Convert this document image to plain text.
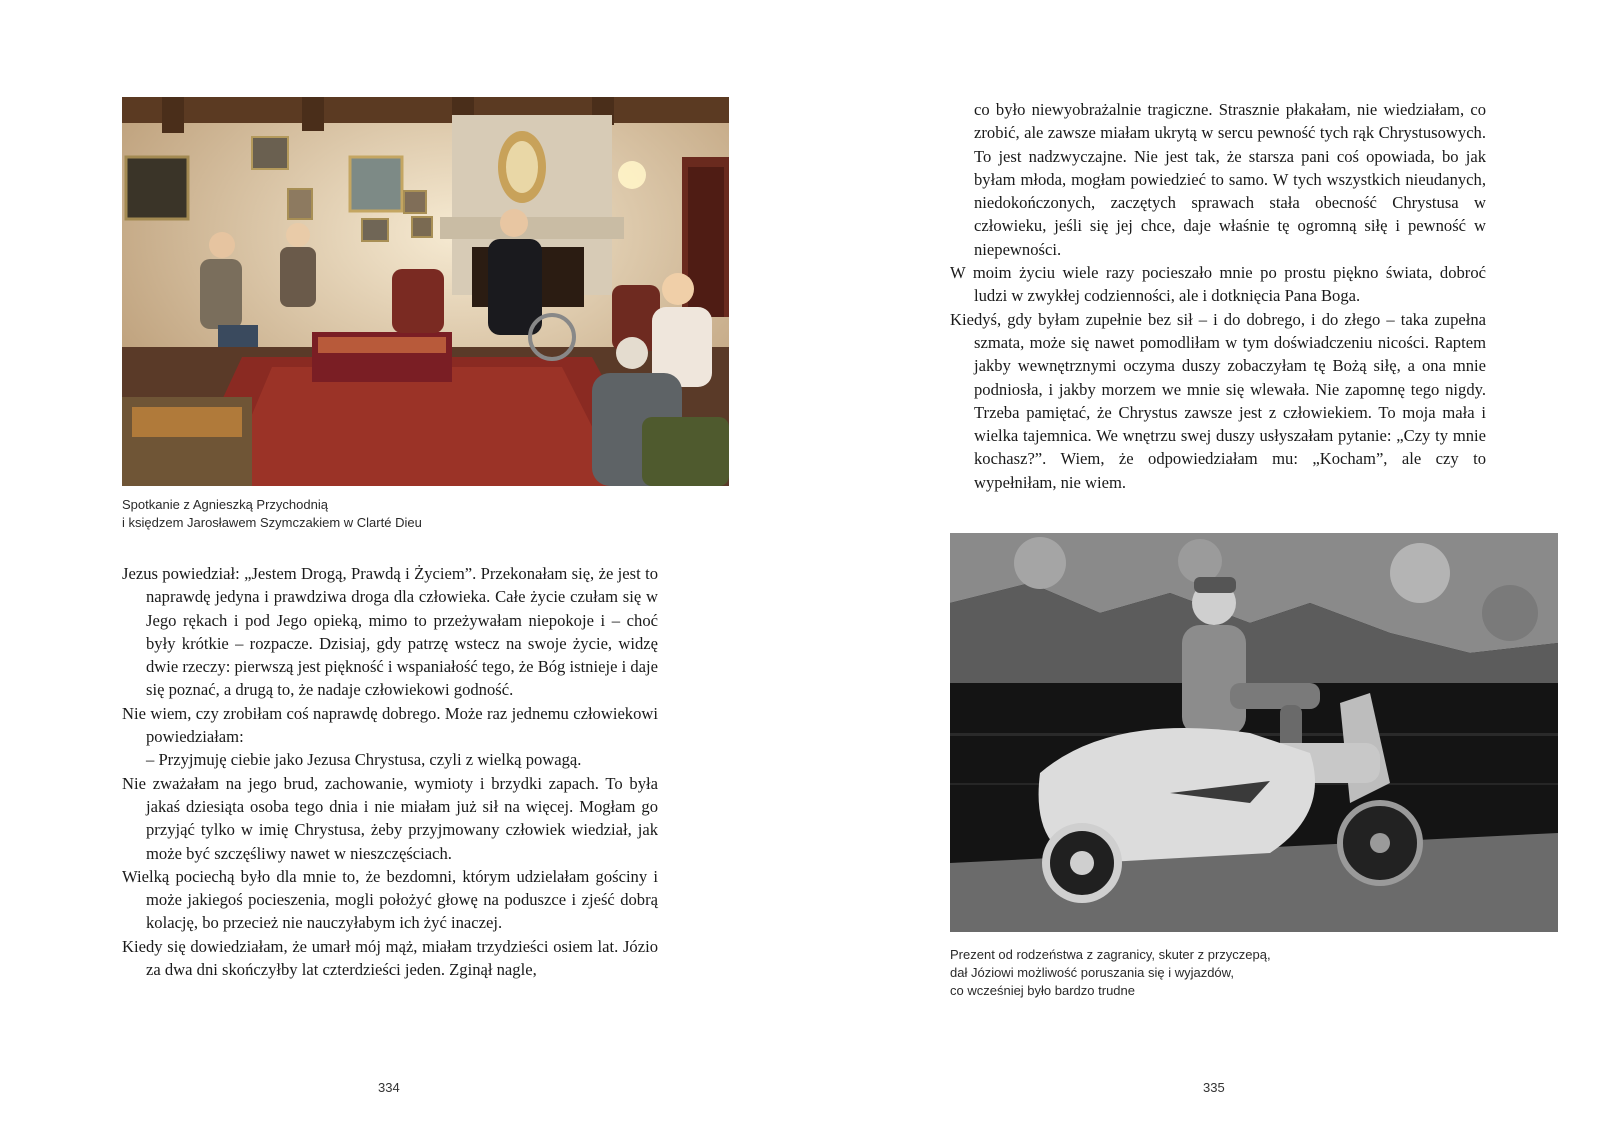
Spotkanie z Agnieszką Przychodnią
i księdzem Jarosławem Szymczakiem w Clarté Dieu
Jezus powiedział: „Jestem Drogą, Prawdą i Życiem”. Przekonałam się, że jest to naprawdę jedyna i prawdziwa droga dla człowieka. Całe życie czułam się w Jego rękach i pod Jego opieką, mimo to przeżywałam niepokoje i – choć były krótkie – rozpacze. Dzisiaj, gdy patrzę wstecz na swoje życie, widzę dwie rzeczy: pierwszą jest piękność i wspaniałość tego, że Bóg istnieje i daje się poznać, a drugą to, że nadaje człowiekowi godność.
Nie wiem, czy zrobiłam coś naprawdę dobrego. Może raz jednemu człowiekowi powiedziałam:
– Przyjmuję ciebie jako Jezusa Chrystusa, czyli z wielką powagą.
Nie zważałam na jego brud, zachowanie, wymioty i brzydki zapach. To była jakaś dziesiąta osoba tego dnia i nie miałam już sił na więcej. Mogłam go przyjąć tylko w imię Chrystusa, żeby przyjmowany człowiek wiedział, jak może być szczęśliwy nawet w nieszczęściach.
Wielką pociechą było dla mnie to, że bezdomni, którym udzielałam gościny i może jakiegoś pocieszenia, mogli położyć głowę na poduszce i zjeść dobrą kolację, bo przecież nie nauczyłabym ich żyć inaczej.
Kiedy się dowiedziałam, że umarł mój mąż, miałam trzydzieści osiem lat. Józio za dwa dni skończyłby lat czterdzieści jeden. Zginął nagle,
334
co było niewyobrażalnie tragiczne. Strasznie płakałam, nie wiedziałam, co zrobić, ale zawsze miałam ukrytą w sercu pewność tych rąk Chrystusowych. To jest nadzwyczajne. Nie jest tak, że starsza pani coś opowiada, bo jak byłam młoda, mogłam powiedzieć to samo. W tych wszystkich nieudanych, niedokończonych, zaczętych sprawach stała obecność Chrystusa w człowieku, jeśli się jej chce, daje właśnie tę ogromną siłę i pewność w niepewności.
W moim życiu wiele razy pocieszało mnie po prostu piękno świata, dobroć ludzi w zwykłej codzienności, ale i dotknięcia Pana Boga.
Kiedyś, gdy byłam zupełnie bez sił – i do dobrego, i do złego – taka zupełna szmata, może się nawet pomodliłam w tym doświadczeniu nicości. Raptem jakby wewnętrznymi oczyma duszy zobaczyłam tę Bożą siłę, a ona mnie podniosła, i jakby morzem we mnie się wlewała. Nie zapomnę tego nigdy. Trzeba pamiętać, że Chrystus zawsze jest z człowiekiem. To moja mała i wielka tajemnica. We wnętrzu swej duszy usłyszałam pytanie: „Czy ty mnie kochasz?”. Wiem, że odpowiedziałam mu: „Kocham”, ale czy to wypełniłam, nie wiem.
Prezent od rodzeństwa z zagranicy, skuter z przyczepą,
dał Józiowi możliwość poruszania się i wyjazdów,
co wcześniej było bardzo trudne
335
